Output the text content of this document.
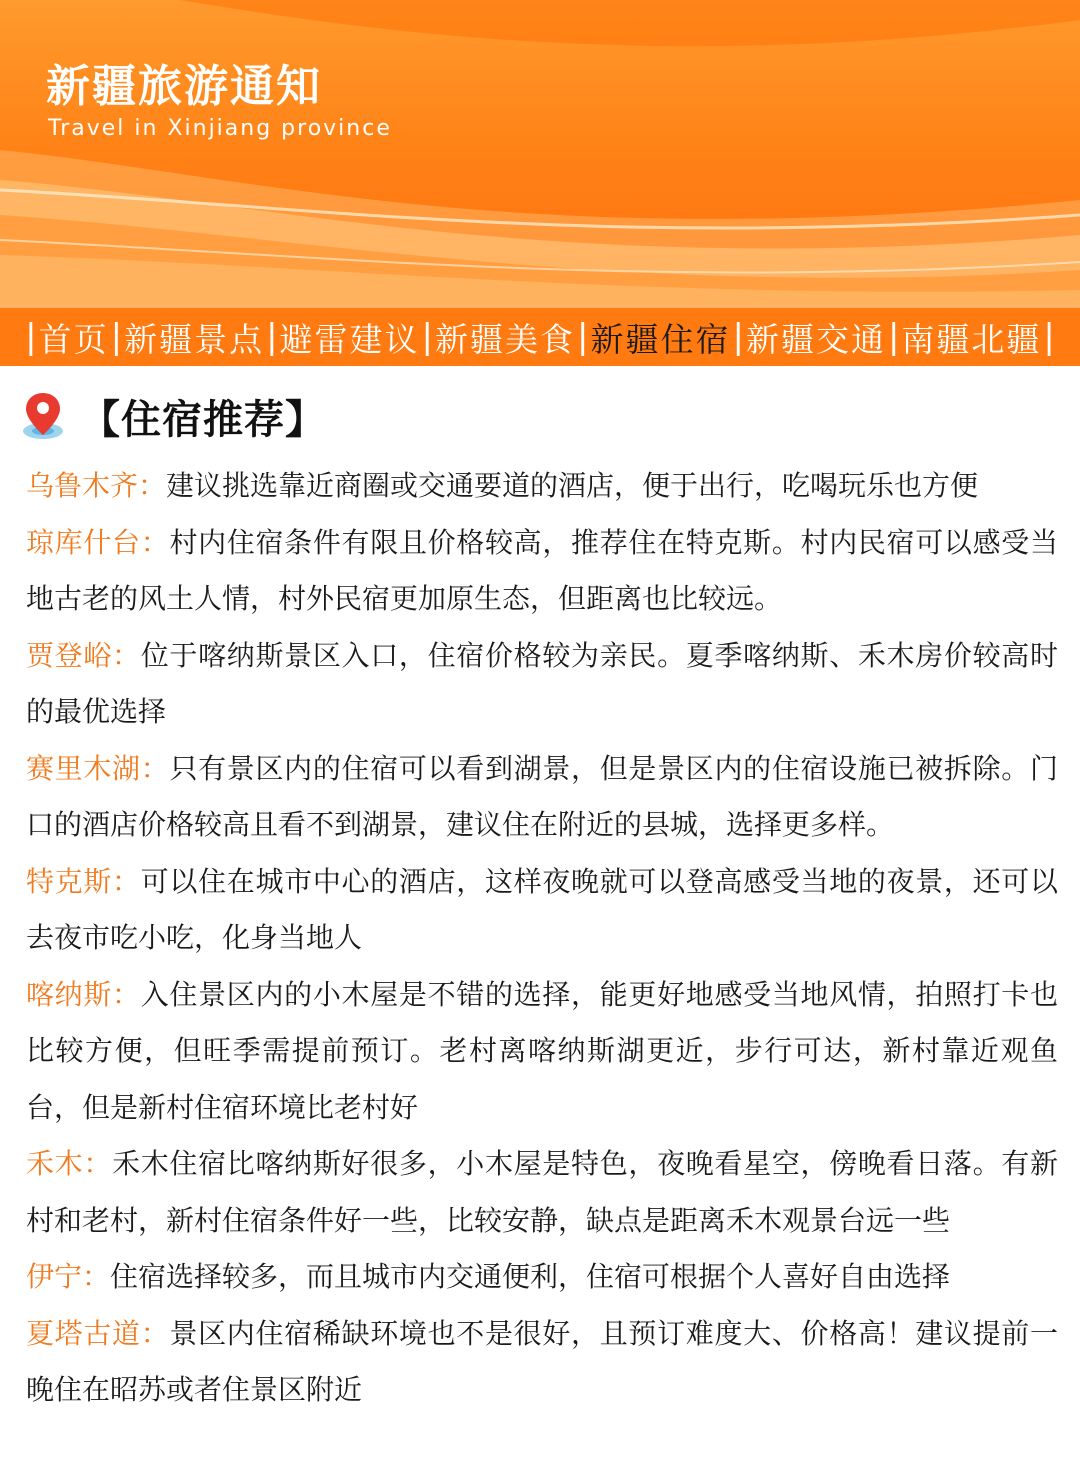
新疆旅游通知
Travel in Xinjiang province
| 首页 | 新疆景点 | 避雷建议 | 新疆美食 | 新疆住宿 | 新疆交通 | 南疆北疆 |
【住宿推荐】

乌鲁木齐：建议挑选靠近商圈或交通要道的酒店，便于出行，吃喝玩乐也方便

琼库什台：村内住宿条件有限且价格较高，推荐住在特克斯。村内民宿可以感受当地古老的风土人情，村外民宿更加原生态，但距离也比较远。

贾登峪：位于喀纳斯景区入口，住宿价格较为亲民。夏季喀纳斯、禾木房价较高时的最优选择

赛里木湖：只有景区内的住宿可以看到湖景，但是景区内的住宿设施已被拆除。门口的酒店价格较高且看不到湖景，建议住在附近的县城，选择更多样。

特克斯：可以住在城市中心的酒店，这样夜晚就可以登高感受当地的夜景，还可以去夜市吃小吃，化身当地人

喀纳斯：入住景区内的小木屋是不错的选择，能更好地感受当地风情，拍照打卡也比较方便，但旺季需提前预订。老村离喀纳斯湖更近，步行可达，新村靠近观鱼台，但是新村住宿环境比老村好

禾木：禾木住宿比喀纳斯好很多，小木屋是特色，夜晚看星空，傍晚看日落。有新村和老村，新村住宿条件好一些，比较安静，缺点是距离禾木观景台远一些

伊宁：住宿选择较多，而且城市内交通便利，住宿可根据个人喜好自由选择

夏塔古道：景区内住宿稀缺环境也不是很好，且预订难度大、价格高！建议提前一晚住在昭苏或者住景区附近
